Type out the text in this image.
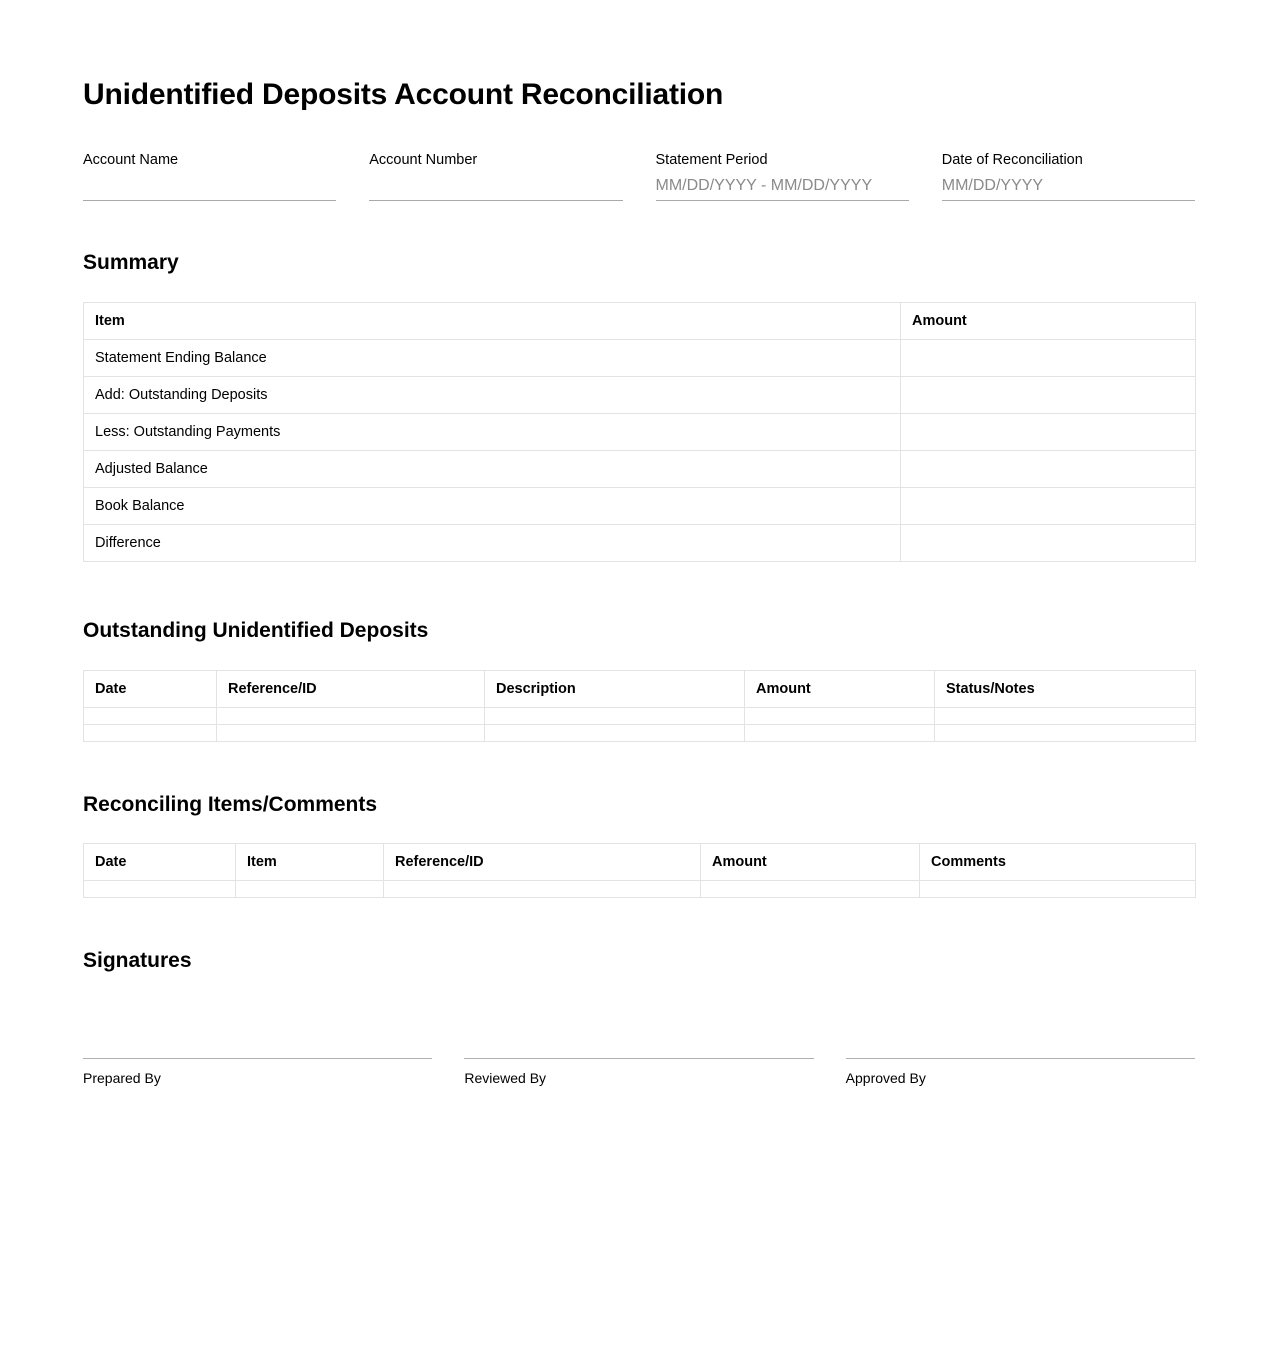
Unidentified Deposits Account Reconciliation
Account Name	Account Number	Statement Period
MM/DD/YYYY - MM/DD/YYYY	Date of Reconciliation
MM/DD/YYYY
Summary
Item	Amount
Statement Ending Balance	
Add: Outstanding Deposits	
Less: Outstanding Payments	
Adjusted Balance	
Book Balance	
Difference	
Outstanding Unidentified Deposits
Date	Reference/ID	Description	Amount	Status/Notes

Reconciling Items/Comments
Date	Item	Reference/ID	Amount	Comments

Signatures
Prepared By	Reviewed By	Approved By
